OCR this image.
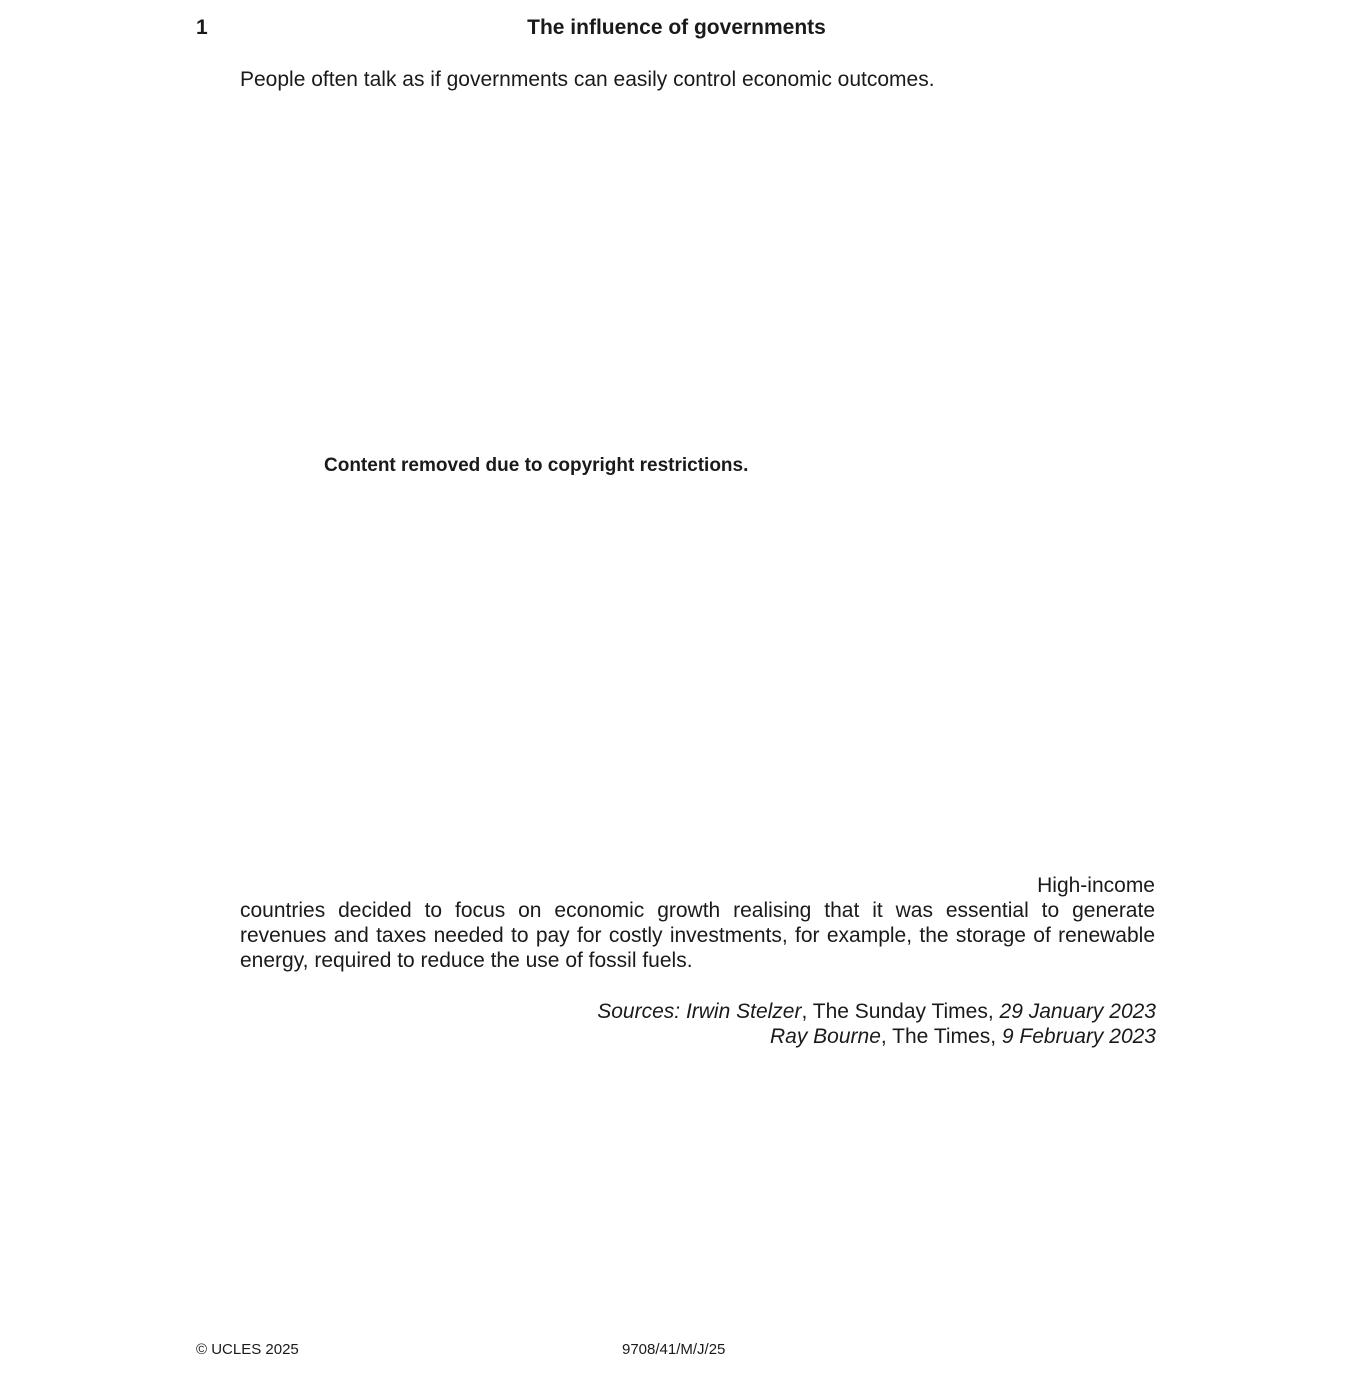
1	The influence of governments
People often talk as if governments can easily control economic outcomes.
Content removed due to copyright restrictions.
High-income
countries decided to focus on economic growth realising that it was essential to generate revenues and taxes needed to pay for costly investments, for example, the storage of renewable energy, required to reduce the use of fossil fuels.
Sources: Irwin Stelzer, The Sunday Times, 29 January 2023
Ray Bourne, The Times, 9 February 2023
© UCLES 2025	9708/41/M/J/25
